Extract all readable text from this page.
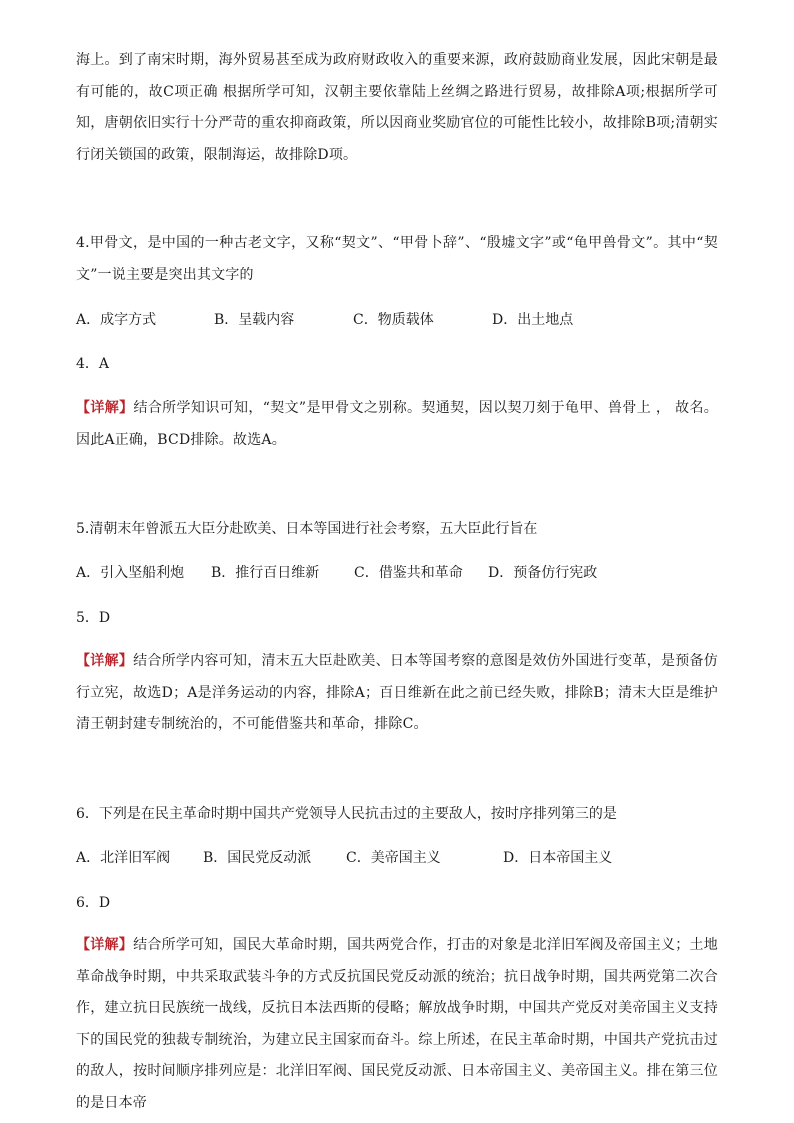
海上。到了南宋时期，海外贸易甚至成为政府财政收入的重要来源，政府鼓励商业发展，因此宋朝是最有可能的，故C项正确 根据所学可知，汉朝主要依靠陆上丝绸之路进行贸易，故排除A项;根据所学可知，唐朝依旧实行十分严苛的重农抑商政策，所以因商业奖励官位的可能性比较小，故排除B项;清朝实行闭关锁国的政策，限制海运，故排除D项。

4.甲骨文，是中国的一种古老文字，又称“契文”、“甲骨卜辞”、“殷墟文字”或“龟甲兽骨文”。其中“契文”一说主要是突出其文字的

A．成字方式	B．呈载内容	C．物质载体	D．出土地点
4．A

【详解】结合所学知识可知，“契文”是甲骨文之别称。契通契，因以契刀刻于龟甲、兽骨上 ， 故名。因此A正确，BCD排除。故选A。

5.清朝末年曾派五大臣分赴欧美、日本等国进行社会考察，五大臣此行旨在
A．引入坚船利炮 B．推行百日维新 C．借鉴共和革命 D．预备仿行宪政
5．D

【详解】结合所学内容可知，清末五大臣赴欧美、日本等国考察的意图是效仿外国进行变革，是预备仿行立宪，故选D；A是洋务运动的内容，排除A；百日维新在此之前已经失败，排除B；清末大臣是维护清王朝封建专制统治的，不可能借鉴共和革命，排除C。

6．下列是在民主革命时期中国共产党领导人民抗击过的主要敌人，按时序排列第三的是
A．北洋旧军阀 B．国民党反动派 C．美帝国主义	D．日本帝国主义
6．D

【详解】结合所学可知，国民大革命时期，国共两党合作，打击的对象是北洋旧军阀及帝国主义；土地革命战争时期，中共采取武装斗争的方式反抗国民党反动派的统治；抗日战争时期，国共两党第二次合作，建立抗日民族统一战线，反抗日本法西斯的侵略；解放战争时期，中国共产党反对美帝国主义支持下的国民党的独裁专制统治，为建立民主国家而奋斗。综上所述，在民主革命时期，中国共产党抗击过的敌人，按时间顺序排列应是：北洋旧军阀、国民党反动派、日本帝国主义、美帝国主义。排在第三位的是日本帝
